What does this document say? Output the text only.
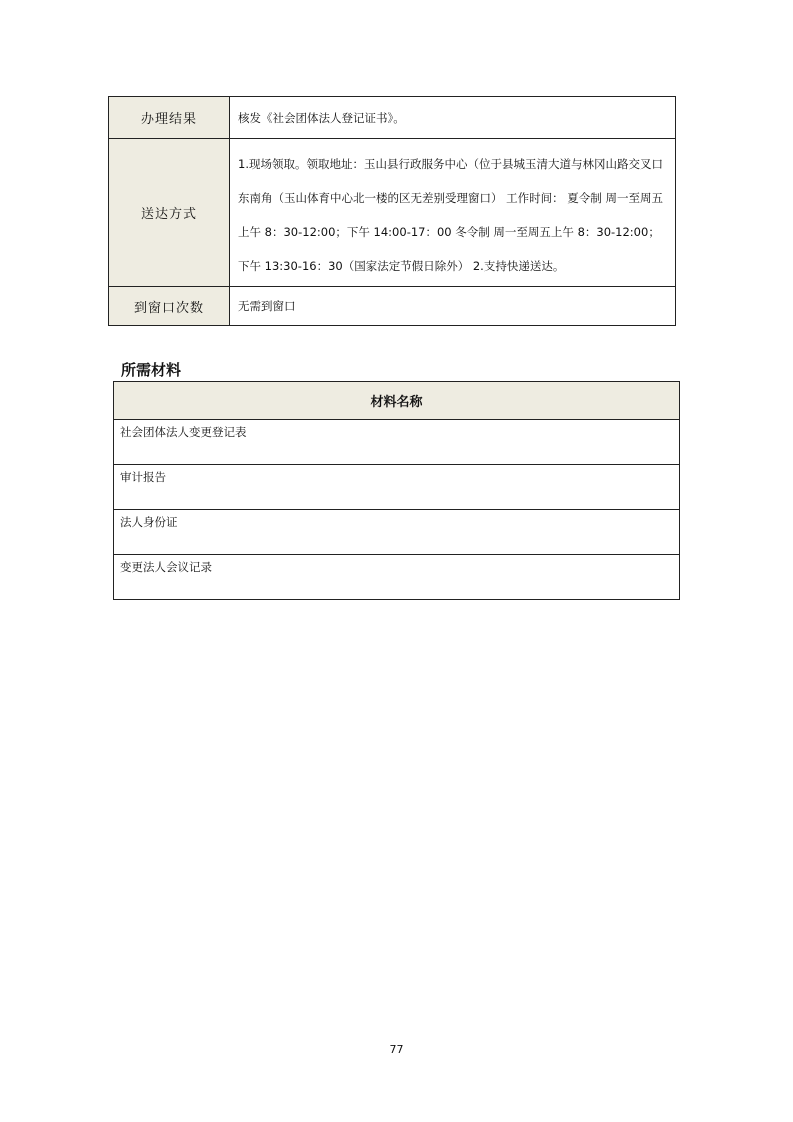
办理结果	核发《社会团体法人登记证书》。
送达方式	1.现场领取。领取地址：玉山县行政服务中心（位于县城玉清大道与林冈山路交叉口东南角（玉山体育中心北一楼的区无差别受理窗口） 工作时间： 夏令制 周一至周五上午 8：30-12:00；下午 14:00-17：00 冬令制 周一至周五上午 8：30-12:00；下午 13:30-16：30（国家法定节假日除外） 2.支持快递送达。

到窗口次数	无需到窗口
所需材料
材料名称
社会团体法人变更登记表
审计报告
法人身份证
变更法人会议记录
77
